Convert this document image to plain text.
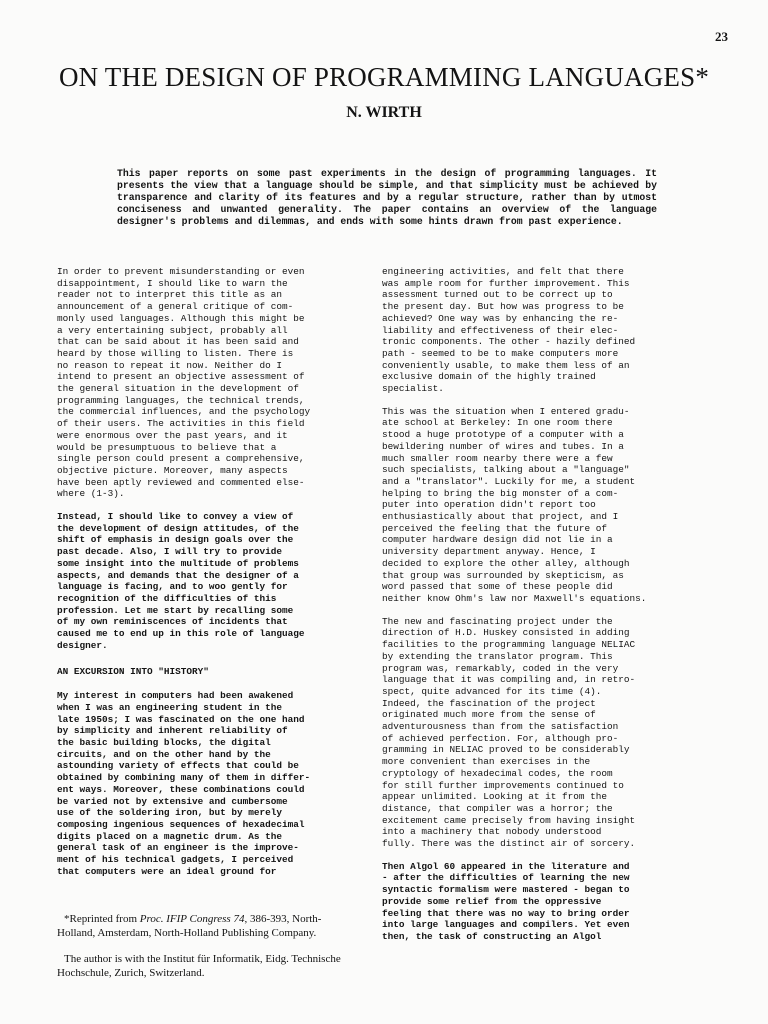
23
ON THE DESIGN OF PROGRAMMING LANGUAGES*
N. WIRTH
This paper reports on some past experiments in the design of programming languages. It presents the view that a language should be simple, and that simplicity must be achieved by transparence and clarity of its features and by a regular structure, rather than by utmost conciseness and unwanted generality. The paper contains an overview of the language designer's problems and dilemmas, and ends with some hints drawn from past experience.

In order to prevent misunderstanding or even
disappointment, I should like to warn the
reader not to interpret this title as an
announcement of a general critique of com-
monly used languages. Although this might be
a very entertaining subject, probably all
that can be said about it has been said and
heard by those willing to listen. There is
no reason to repeat it now. Neither do I
intend to present an objective assessment of
the general situation in the development of
programming languages, the technical trends,
the commercial influences, and the psychology
of their users. The activities in this field
were enormous over the past years, and it
would be presumptuous to believe that a
single person could present a comprehensive,
objective picture. Moreover, many aspects
have been aptly reviewed and commented else-
where (1-3).

Instead, I should like to convey a view of
the development of design attitudes, of the
shift of emphasis in design goals over the
past decade. Also, I will try to provide
some insight into the multitude of problems
aspects, and demands that the designer of a
language is facing, and to woo gently for
recognition of the difficulties of this
profession. Let me start by recalling some
of my own reminiscences of incidents that
caused me to end up in this role of language
designer.

AN EXCURSION INTO "HISTORY"

My interest in computers had been awakened
when I was an engineering student in the
late 1950s; I was fascinated on the one hand
by simplicity and inherent reliability of
the basic building blocks, the digital
circuits, and on the other hand by the
astounding variety of effects that could be
obtained by combining many of them in differ-
ent ways. Moreover, these combinations could
be varied not by extensive and cumbersome
use of the soldering iron, but by merely
composing ingenious sequences of hexadecimal
digits placed on a magnetic drum. As the
general task of an engineer is the improve-
ment of his technical gadgets, I perceived
that computers were an ideal ground for

engineering activities, and felt that there
was ample room for further improvement. This
assessment turned out to be correct up to
the present day. But how was progress to be
achieved? One way was by enhancing the re-
liability and effectiveness of their elec-
tronic components. The other - hazily defined
path - seemed to be to make computers more
conveniently usable, to make them less of an
exclusive domain of the highly trained
specialist.

This was the situation when I entered gradu-
ate school at Berkeley: In one room there
stood a huge prototype of a computer with a
bewildering number of wires and tubes. In a
much smaller room nearby there were a few
such specialists, talking about a "language"
and a "translator". Luckily for me, a student
helping to bring the big monster of a com-
puter into operation didn't report too
enthusiastically about that project, and I
perceived the feeling that the future of
computer hardware design did not lie in a
university department anyway. Hence, I
decided to explore the other alley, although
that group was surrounded by skepticism, as
word passed that some of these people did
neither know Ohm's law nor Maxwell's equations.

The new and fascinating project under the
direction of H.D. Huskey consisted in adding
facilities to the programming language NELIAC
by extending the translator program. This
program was, remarkably, coded in the very
language that it was compiling and, in retro-
spect, quite advanced for its time (4).
Indeed, the fascination of the project
originated much more from the sense of
adventurousness than from the satisfaction
of achieved perfection. For, although pro-
gramming in NELIAC proved to be considerably
more convenient than exercises in the
cryptology of hexadecimal codes, the room
for still further improvements continued to
appear unlimited. Looking at it from the
distance, that compiler was a horror; the
excitement came precisely from having insight
into a machinery that nobody understood
fully. There was the distinct air of sorcery.

Then Algol 60 appeared in the literature and
- after the difficulties of learning the new
syntactic formalism were mastered - began to
provide some relief from the oppressive
feeling that there was no way to bring order
into large languages and compilers. Yet even
then, the task of constructing an Algol

*Reprinted from Proc. IFIP Congress 74, 386-393, North-Holland, Amsterdam, North-Holland Publishing Company.

The author is with the Institut für Informatik, Eidg. Technische Hochschule, Zurich, Switzerland.
